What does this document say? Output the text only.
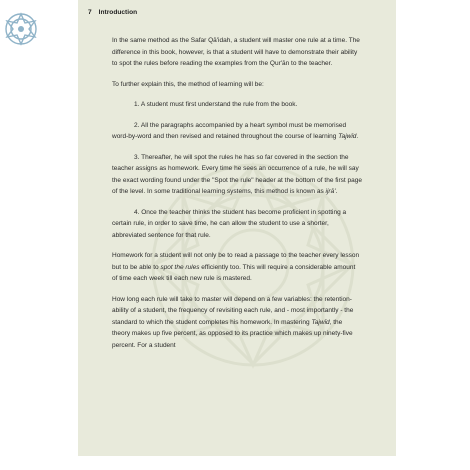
7 Introduction

In the same method as the Safar Qā'idah, a student will master one rule at a time. The difference in this book, however, is that a student will have to demonstrate their ability to spot the rules before reading the examples from the Qur'ān to the teacher.

To further explain this, the method of learning will be:

1. A student must first understand the rule from the book.

2. All the paragraphs accompanied by a heart symbol must be memorised word-by-word and then revised and retained throughout the course of learning Tajwīd.

3. Thereafter, he will spot the rules he has so far covered in the section the teacher assigns as homework. Every time he sees an occurrence of a rule, he will say the exact wording found under the "Spot the rule" header at the bottom of the first page of the level. In some traditional learning systems, this method is known as ijrā'.

4. Once the teacher thinks the student has become proficient in spotting a certain rule, in order to save time, he can allow the student to use a shorter, abbreviated sentence for that rule.

Homework for a student will not only be to read a passage to the teacher every lesson but to be able to spot the rules efficiently too. This will require a considerable amount of time each week till each new rule is mastered.

How long each rule will take to master will depend on a few variables: the retention-ability of a student, the frequency of revisiting each rule, and - most importantly - the standard to which the student completes his homework. In mastering Tajwīd, the theory makes up five percent, as opposed to its practice which makes up ninety-five percent. For a student
